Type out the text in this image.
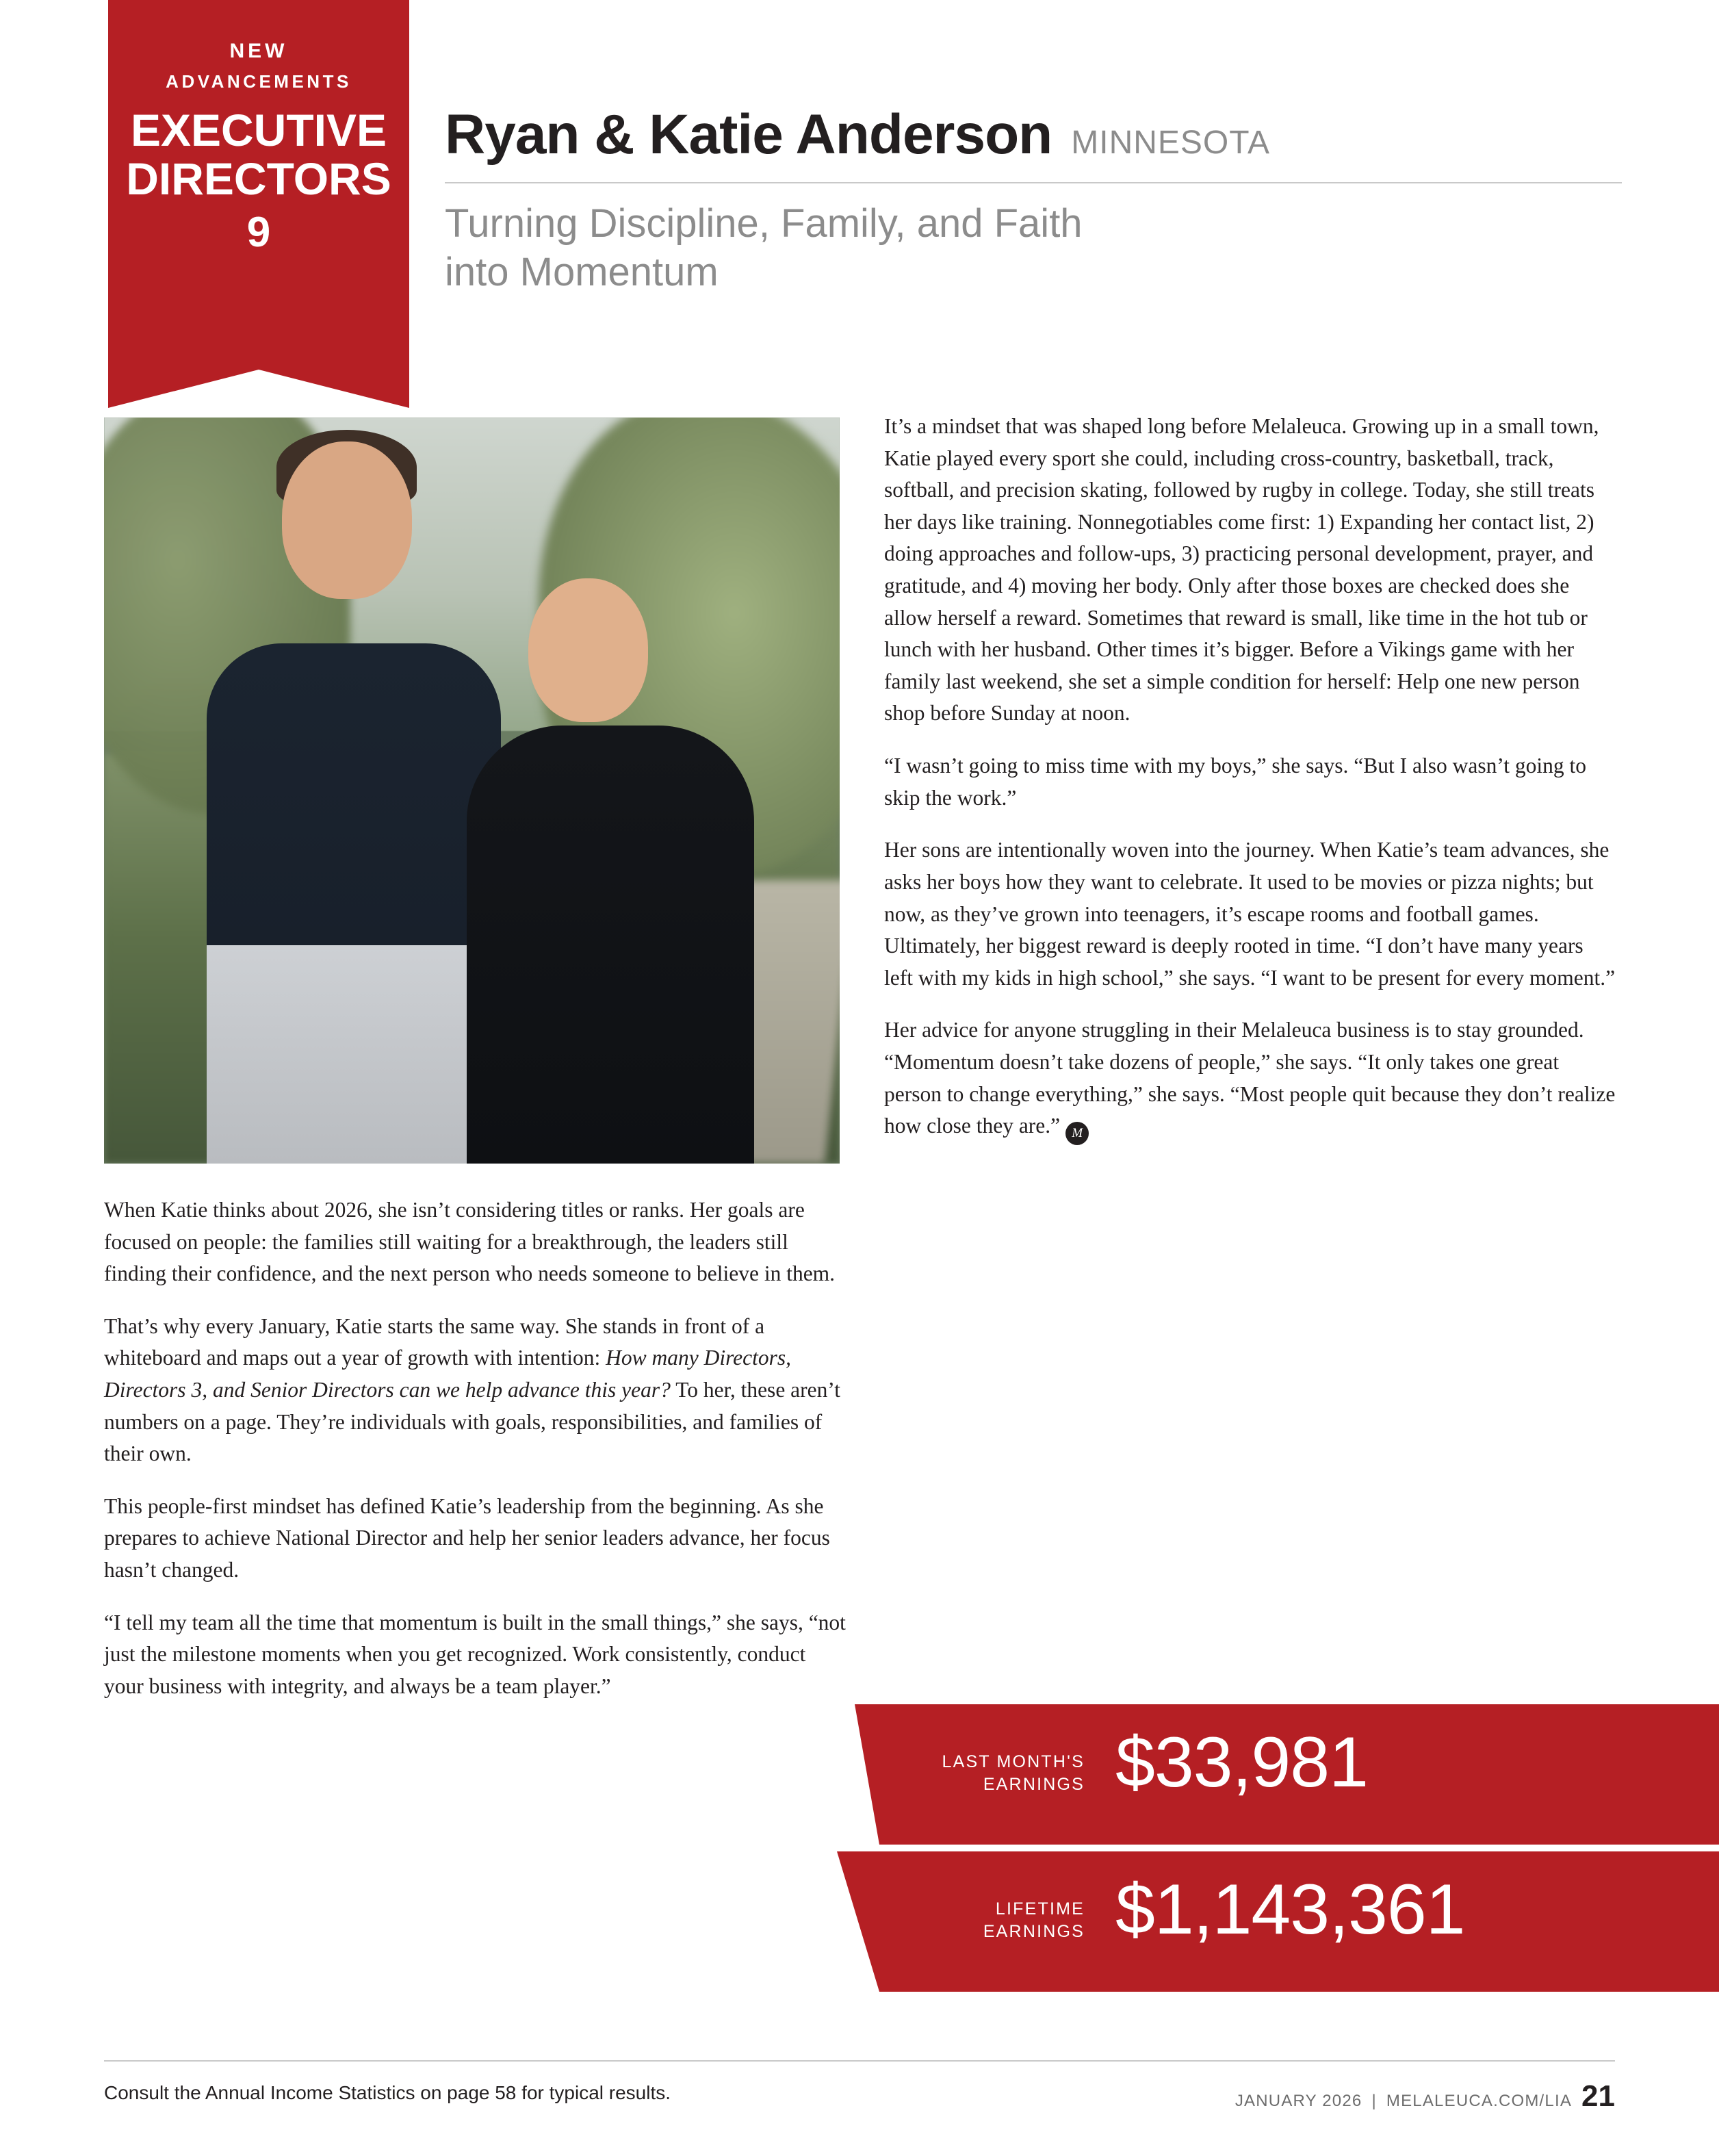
NEW
ADVANCEMENTS
EXECUTIVE
DIRECTORS
9
Ryan & Katie Anderson MINNESOTA
Turning Discipline, Family, and Faith
into Momentum

When Katie thinks about 2026, she isn’t considering titles or ranks. Her goals are focused on people: the families still waiting for a breakthrough, the leaders still finding their confidence, and the next person who needs someone to believe in them.

That’s why every January, Katie starts the same way. She stands in front of a whiteboard and maps out a year of growth with intention: How many Directors, Directors 3, and Senior Directors can we help advance this year? To her, these aren’t numbers on a page. They’re individuals with goals, responsibilities, and families of their own.

This people-first mindset has defined Katie’s leadership from the beginning. As she prepares to achieve National Director and help her senior leaders advance, her focus hasn’t changed.

“I tell my team all the time that momentum is built in the small things,” she says, “not just the milestone moments when you get recognized. Work consistently, conduct your business with integrity, and always be a team player.”

It’s a mindset that was shaped long before Melaleuca. Growing up in a small town, Katie played every sport she could, including cross-country, basketball, track, softball, and precision skating, followed by rugby in college. Today, she still treats her days like training. Nonnegotiables come first: 1) Expanding her contact list, 2) doing approaches and follow-ups, 3) practicing personal development, prayer, and gratitude, and 4) moving her body. Only after those boxes are checked does she allow herself a reward. Sometimes that reward is small, like time in the hot tub or lunch with her husband. Other times it’s bigger. Before a Vikings game with her family last weekend, she set a simple condition for herself: Help one new person shop before Sunday at noon.

“I wasn’t going to miss time with my boys,” she says. “But I also wasn’t going to skip the work.”

Her sons are intentionally woven into the journey. When Katie’s team advances, she asks her boys how they want to celebrate. It used to be movies or pizza nights; but now, as they’ve grown into teenagers, it’s escape rooms and football games. Ultimately, her biggest reward is deeply rooted in time. “I don’t have many years left with my kids in high school,” she says. “I want to be present for every moment.”

Her advice for anyone struggling in their Melaleuca business is to stay grounded. “Momentum doesn’t take dozens of people,” she says. “It only takes one great person to change everything,” she says. “Most people quit because they don’t realize how close they are.” M

LAST MONTH'S
EARNINGS $33,981
LIFETIME
EARNINGS $1,143,361
Consult the Annual Income Statistics on page 58 for typical results.	JANUARY 2026 | MELALEUCA.COM/LIA 21
